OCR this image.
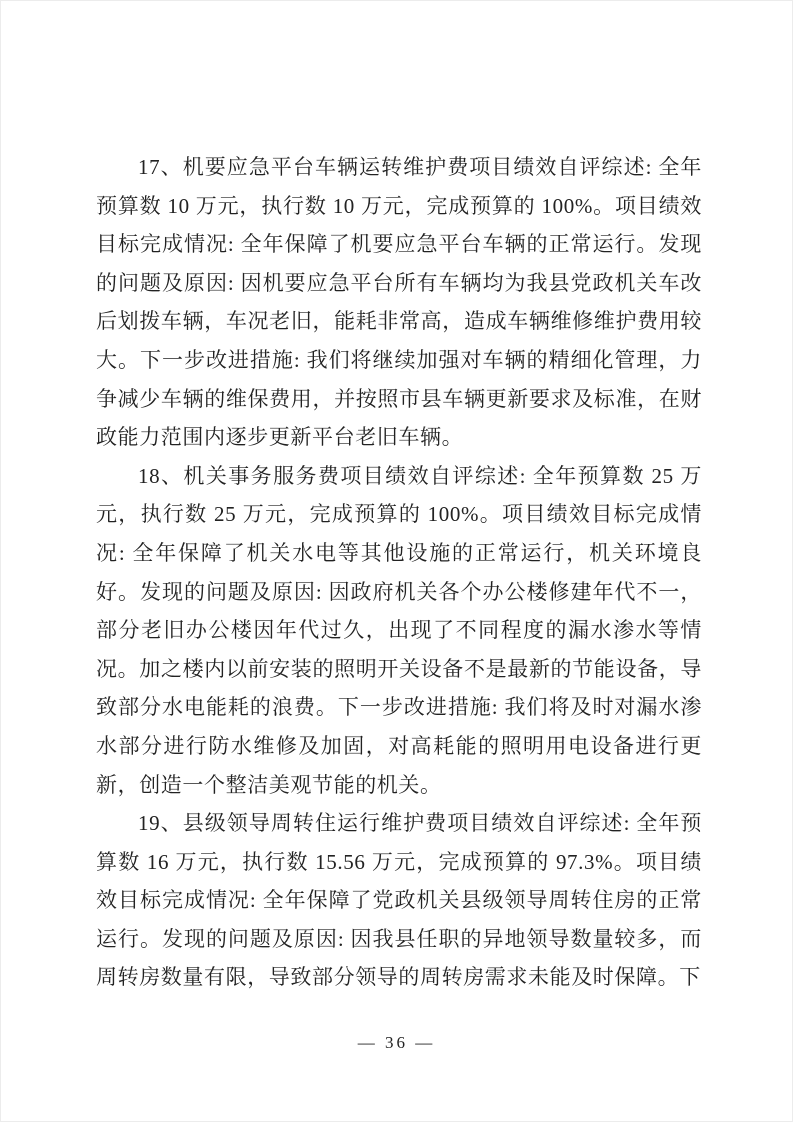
17、机要应急平台车辆运转维护费项目绩效自评综述: 全年预算数 10 万元，执行数 10 万元，完成预算的 100%。项目绩效目标完成情况: 全年保障了机要应急平台车辆的正常运行。发现的问题及原因: 因机要应急平台所有车辆均为我县党政机关车改后划拨车辆，车况老旧，能耗非常高，造成车辆维修维护费用较大。下一步改进措施: 我们将继续加强对车辆的精细化管理，力争减少车辆的维保费用，并按照市县车辆更新要求及标准，在财政能力范围内逐步更新平台老旧车辆。

18、机关事务服务费项目绩效自评综述: 全年预算数 25 万元，执行数 25 万元，完成预算的 100%。项目绩效目标完成情况: 全年保障了机关水电等其他设施的正常运行，机关环境良好。发现的问题及原因: 因政府机关各个办公楼修建年代不一，部分老旧办公楼因年代过久，出现了不同程度的漏水渗水等情况。加之楼内以前安装的照明开关设备不是最新的节能设备，导致部分水电能耗的浪费。下一步改进措施: 我们将及时对漏水渗水部分进行防水维修及加固，对高耗能的照明用电设备进行更新，创造一个整洁美观节能的机关。

19、县级领导周转住运行维护费项目绩效自评综述: 全年预算数 16 万元，执行数 15.56 万元，完成预算的 97.3%。项目绩效目标完成情况: 全年保障了党政机关县级领导周转住房的正常运行。发现的问题及原因: 因我县任职的异地领导数量较多，而周转房数量有限，导致部分领导的周转房需求未能及时保障。下

— 36 —
